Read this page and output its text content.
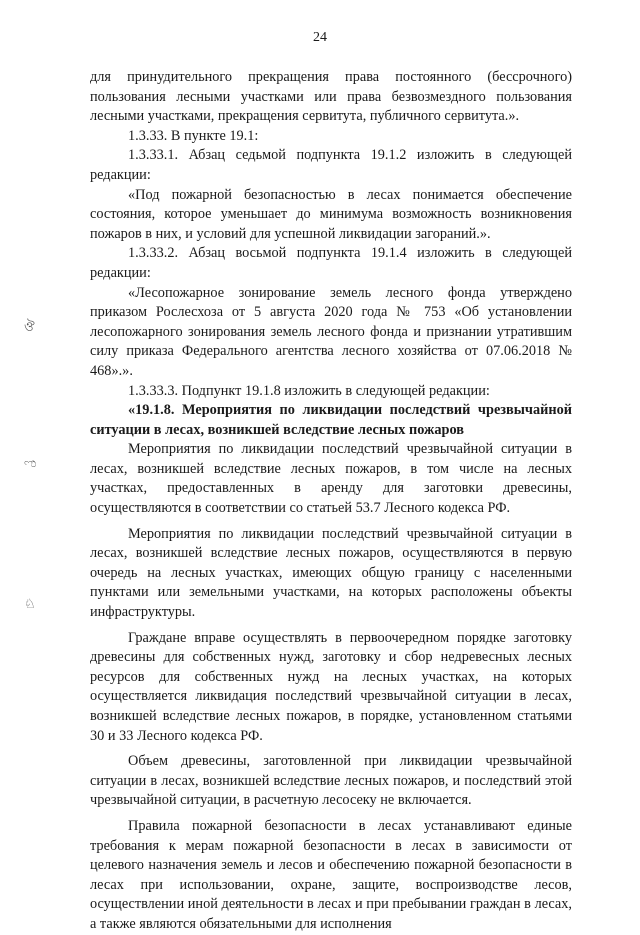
24
ঔ
ಌ
♘

для принудительного прекращения права постоянного (бессрочного) пользования лесными участками или права безвозмездного пользования лесными участками, прекращения сервитута, публичного сервитута.».

1.3.33. В пункте 19.1:

1.3.33.1. Абзац седьмой подпункта 19.1.2 изложить в следующей редакции:

«Под пожарной безопасностью в лесах понимается обеспечение состояния, которое уменьшает до минимума возможность возникновения пожаров в них, и условий для успешной ликвидации загораний.».

1.3.33.2. Абзац восьмой подпункта 19.1.4 изложить в следующей редакции:

«Лесопожарное зонирование земель лесного фонда утверждено приказом Рослесхоза от 5 августа 2020 года № 753 «Об установлении лесопожарного зонирования земель лесного фонда и признании утратившим силу приказа Федерального агентства лесного хозяйства от 07.06.2018 № 468».».

1.3.33.3. Подпункт 19.1.8 изложить в следующей редакции:

«19.1.8. Мероприятия по ликвидации последствий чрезвычайной ситуации в лесах, возникшей вследствие лесных пожаров

Мероприятия по ликвидации последствий чрезвычайной ситуации в лесах, возникшей вследствие лесных пожаров, в том числе на лесных участках, предоставленных в аренду для заготовки древесины, осуществляются в соответствии со статьей 53.7 Лесного кодекса РФ.

Мероприятия по ликвидации последствий чрезвычайной ситуации в лесах, возникшей вследствие лесных пожаров, осуществляются в первую очередь на лесных участках, имеющих общую границу с населенными пунктами или земельными участками, на которых расположены объекты инфраструктуры.

Граждане вправе осуществлять в первоочередном порядке заготовку древесины для собственных нужд, заготовку и сбор недревесных лесных ресурсов для собственных нужд на лесных участках, на которых осуществляется ликвидация последствий чрезвычайной ситуации в лесах, возникшей вследствие лесных пожаров, в порядке, установленном статьями 30 и 33 Лесного кодекса РФ.

Объем древесины, заготовленной при ликвидации чрезвычайной ситуации в лесах, возникшей вследствие лесных пожаров, и последствий этой чрезвычайной ситуации, в расчетную лесосеку не включается.

Правила пожарной безопасности в лесах устанавливают единые требования к мерам пожарной безопасности в лесах в зависимости от целевого назначения земель и лесов и обеспечению пожарной безопасности в лесах при использовании, охране, защите, воспроизводстве лесов, осуществлении иной деятельности в лесах и при пребывании граждан в лесах, а также являются обязательными для исполнения
